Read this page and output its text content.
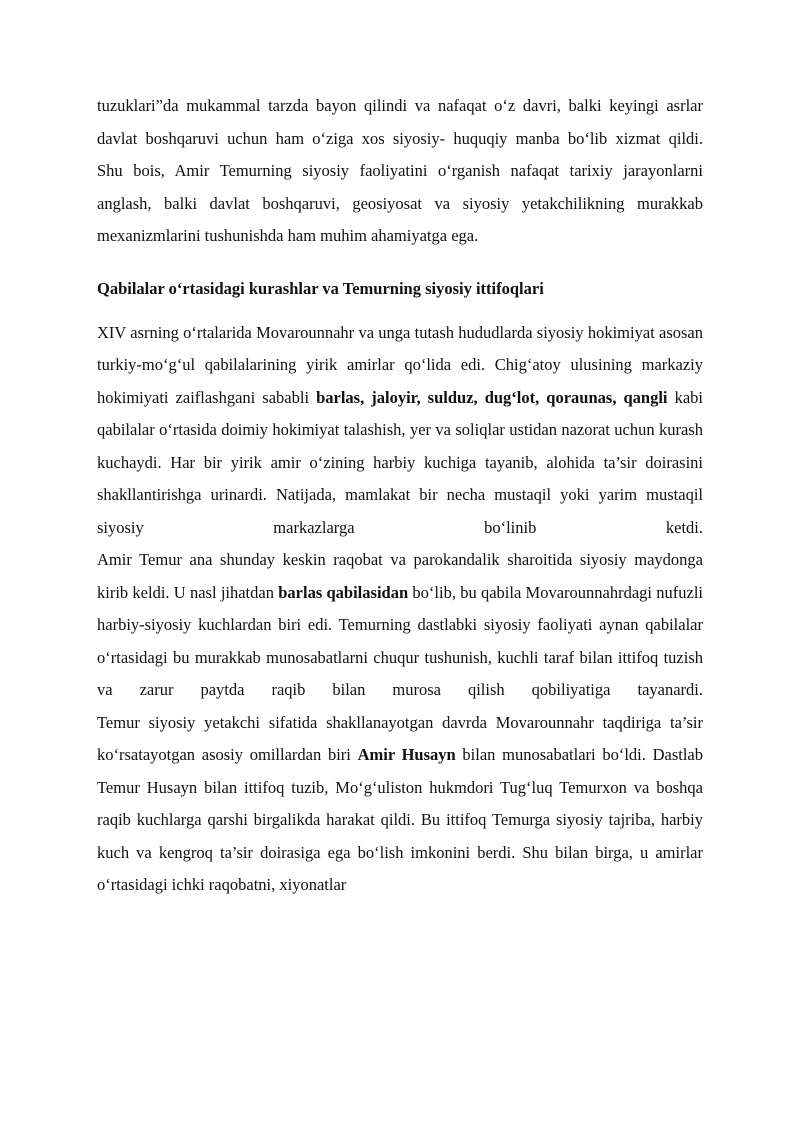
tuzuklari”da mukammal tarzda bayon qilindi va nafaqat o‘z davri, balki keyingi asrlar davlat boshqaruvi uchun ham o‘ziga xos siyosiy- huquqiy manba bo‘lib xizmat qildi.

Shu bois, Amir Temurning siyosiy faoliyatini o‘rganish nafaqat tarixiy jarayonlarni anglash, balki davlat boshqaruvi, geosiyosat va siyosiy yetakchilikning murakkab mexanizmlarini tushunishda ham muhim ahamiyatga ega.

Qabilalar o‘rtasidagi kurashlar va Temurning siyosiy ittifoqlari

XIV asrning o‘rtalarida Movarounnahr va unga tutash hududlarda siyosiy hokimiyat asosan turkiy-mo‘g‘ul qabilalarining yirik amirlar qo‘lida edi. Chig‘atoy ulusining markaziy hokimiyati zaiflashgani sababli barlas, jaloyir, sulduz, dug‘lot, qoraunas, qangli kabi qabilalar o‘rtasida doimiy hokimiyat talashish, yer va soliqlar ustidan nazorat uchun kurash kuchaydi. Har bir yirik amir o‘zining harbiy kuchiga tayanib, alohida ta’sir doirasini shakllantirishga urinardi. Natijada, mamlakat bir necha mustaqil yoki yarim mustaqil siyosiy markazlarga bo‘linib ketdi.

Amir Temur ana shunday keskin raqobat va parokandalik sharoitida siyosiy maydonga kirib keldi. U nasl jihatdan barlas qabilasidan bo‘lib, bu qabila Movarounnahrdagi nufuzli harbiy-siyosiy kuchlardan biri edi. Temurning dastlabki siyosiy faoliyati aynan qabilalar o‘rtasidagi bu murakkab munosabatlarni chuqur tushunish, kuchli taraf bilan ittifoq tuzish va zarur paytda raqib bilan murosa qilish qobiliyatiga tayanardi.

Temur siyosiy yetakchi sifatida shakllanayotgan davrda Movarounnahr taqdiriga ta’sir ko‘rsatayotgan asosiy omillardan biri Amir Husayn bilan munosabatlari bo‘ldi. Dastlab Temur Husayn bilan ittifoq tuzib, Mo‘g‘uliston hukmdori Tug‘luq Temurxon va boshqa raqib kuchlarga qarshi birgalikda harakat qildi. Bu ittifoq Temurga siyosiy tajriba, harbiy kuch va kengroq ta’sir doirasiga ega bo‘lish imkonini berdi. Shu bilan birga, u amirlar o‘rtasidagi ichki raqobatni, xiyonatlar
